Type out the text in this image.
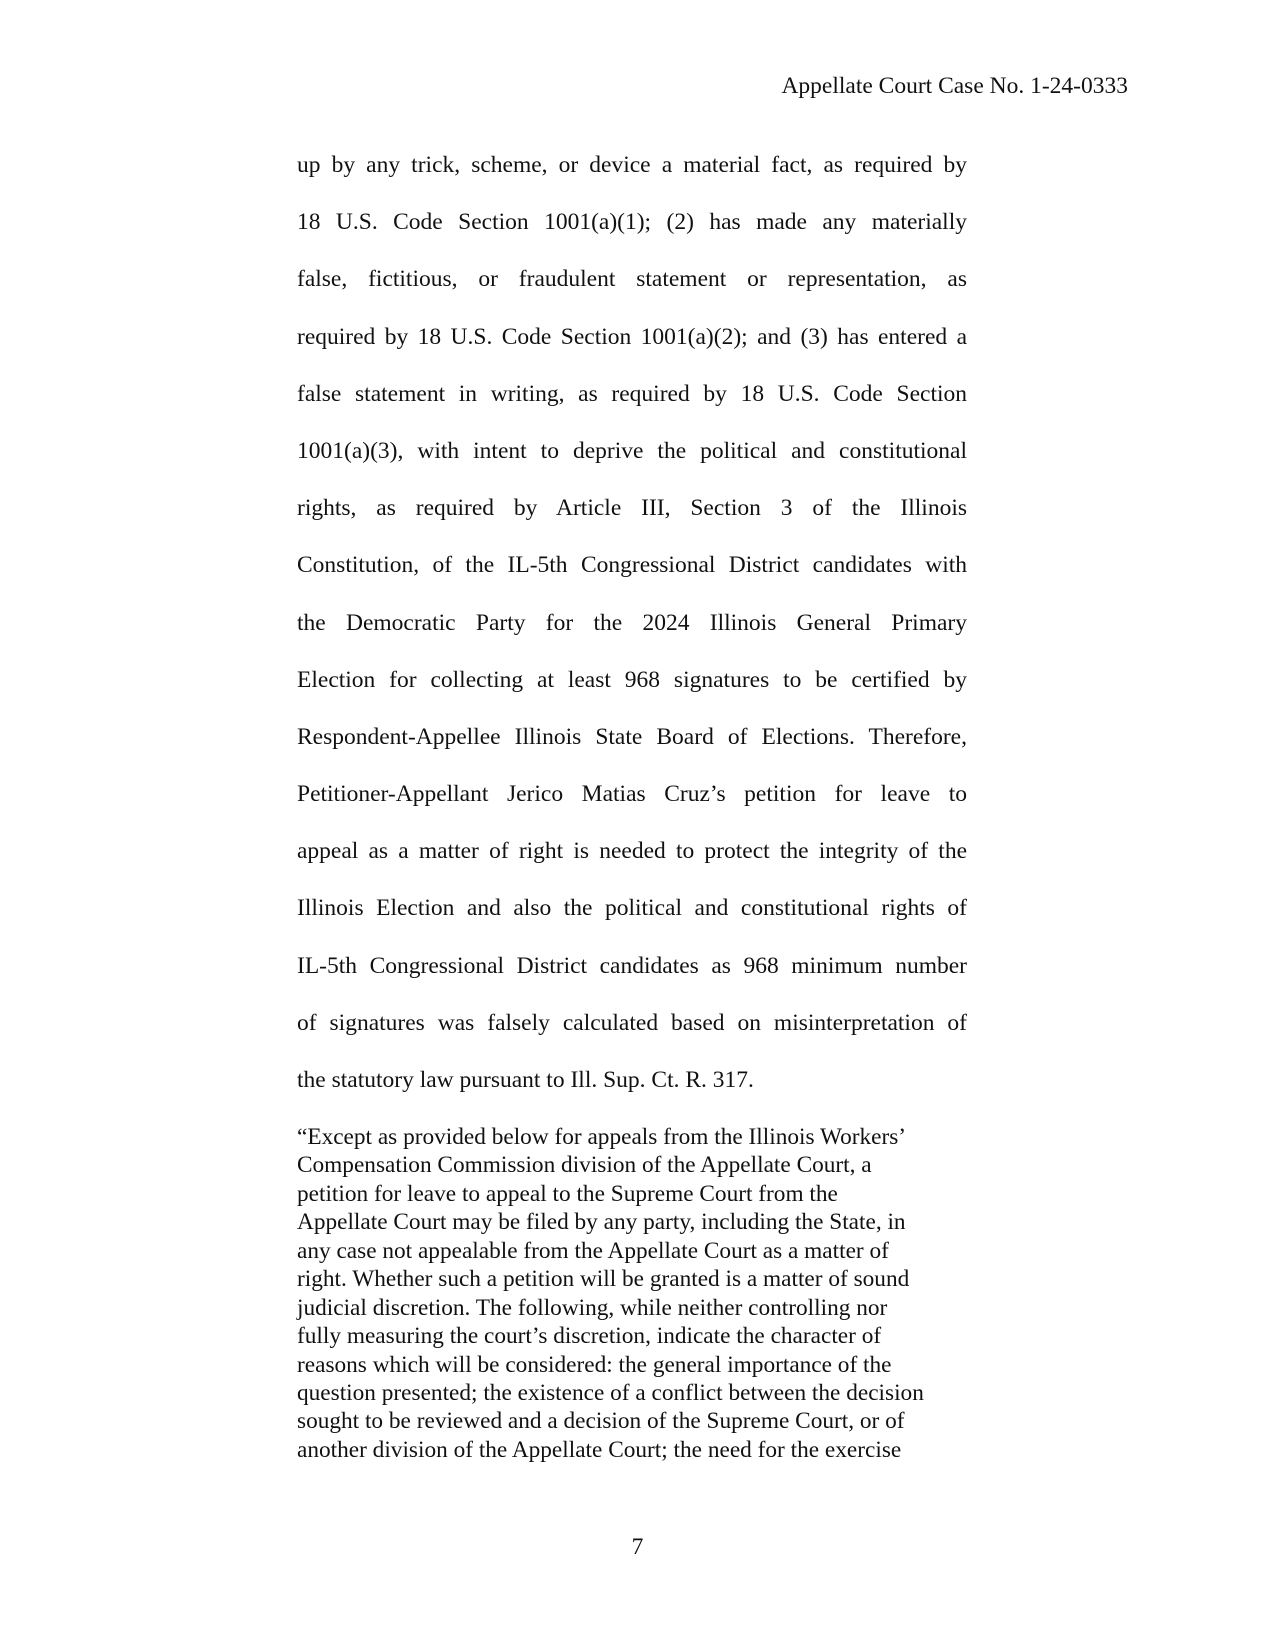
Appellate Court Case No. 1-24-0333
up by any trick, scheme, or device a material fact, as required by
18 U.S. Code Section 1001(a)(1); (2) has made any materially
false, fictitious, or fraudulent statement or representation, as
required by 18 U.S. Code Section 1001(a)(2); and (3) has entered a
false statement in writing, as required by 18 U.S. Code Section
1001(a)(3), with intent to deprive the political and constitutional
rights, as required by Article III, Section 3 of the Illinois
Constitution, of the IL-5th Congressional District candidates with
the Democratic Party for the 2024 Illinois General Primary
Election for collecting at least 968 signatures to be certified by
Respondent-Appellee Illinois State Board of Elections. Therefore,
Petitioner-Appellant Jerico Matias Cruz’s petition for leave to
appeal as a matter of right is needed to protect the integrity of the
Illinois Election and also the political and constitutional rights of
IL-5th Congressional District candidates as 968 minimum number
of signatures was falsely calculated based on misinterpretation of
the statutory law pursuant to Ill. Sup. Ct. R. 317.
“Except as provided below for appeals from the Illinois Workers’
Compensation Commission division of the Appellate Court, a
petition for leave to appeal to the Supreme Court from the
Appellate Court may be filed by any party, including the State, in
any case not appealable from the Appellate Court as a matter of
right. Whether such a petition will be granted is a matter of sound
judicial discretion. The following, while neither controlling nor
fully measuring the court’s discretion, indicate the character of
reasons which will be considered: the general importance of the
question presented; the existence of a conflict between the decision
sought to be reviewed and a decision of the Supreme Court, or of
another division of the Appellate Court; the need for the exercise
7
